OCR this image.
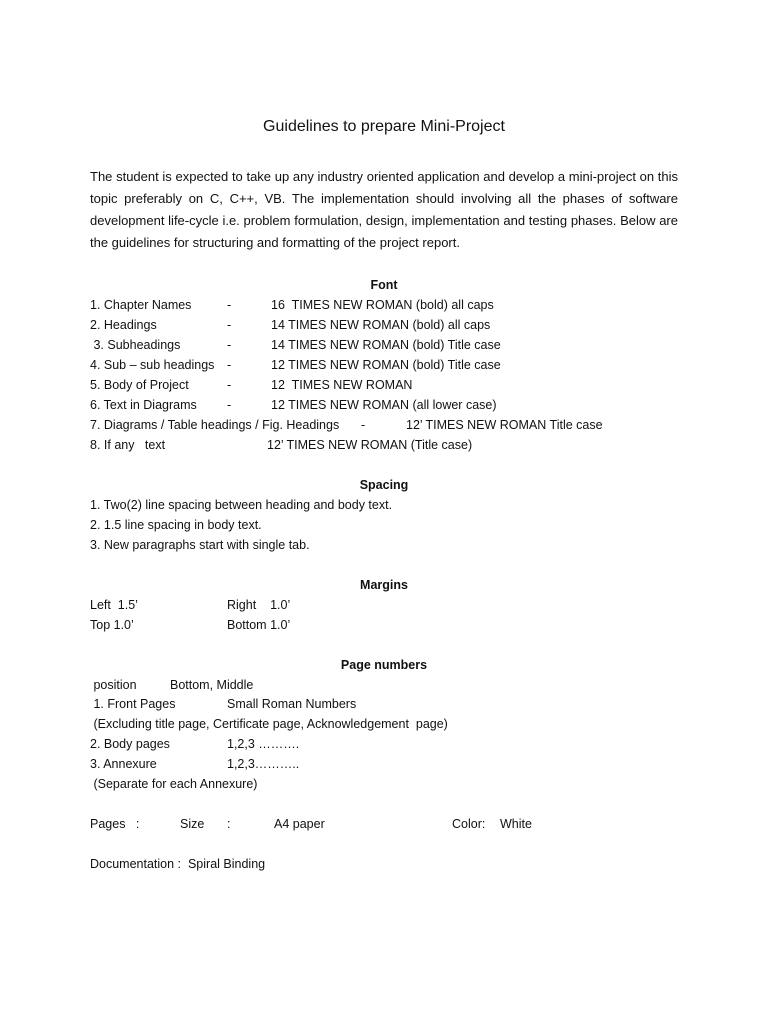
Guidelines to prepare Mini-Project
The student is expected to take up any industry oriented application and develop a mini-project on this topic preferably on C, C++, VB. The implementation should involving all the phases of software development life-cycle i.e. problem formulation, design, implementation and testing phases. Below are the guidelines for structuring and formatting of the project report.
Font
1. Chapter Names	-	16  TIMES NEW ROMAN (bold) all caps
2. Headings	-	14 TIMES NEW ROMAN (bold) all caps
3. Subheadings	-	14 TIMES NEW ROMAN (bold) Title case
4. Sub – sub headings -	12 TIMES NEW ROMAN (bold) Title case
5. Body of Project	-	12  TIMES NEW ROMAN
6. Text in Diagrams -	12 TIMES NEW ROMAN (all lower case)
7. Diagrams / Table headings / Fig. Headings -	12’ TIMES NEW ROMAN Title case
8. If any   text	12’ TIMES NEW ROMAN (Title case)
Spacing
1. Two(2) line spacing between heading and body text.
2. 1.5 line spacing in body text.
3. New paragraphs start with single tab.
Margins
Left  1.5’	Right    1.0’
Top 1.0’	Bottom 1.0’
Page numbers
position	Bottom, Middle
1. Front Pages	Small Roman Numbers
(Excluding title page, Certificate page, Acknowledgement  page)
2. Body pages	1,2,3 ……….
3. Annexure	1,2,3………..
(Separate for each Annexure)
Pages   :	Size :	A4 paper	Color: White
Documentation :  Spiral Binding
